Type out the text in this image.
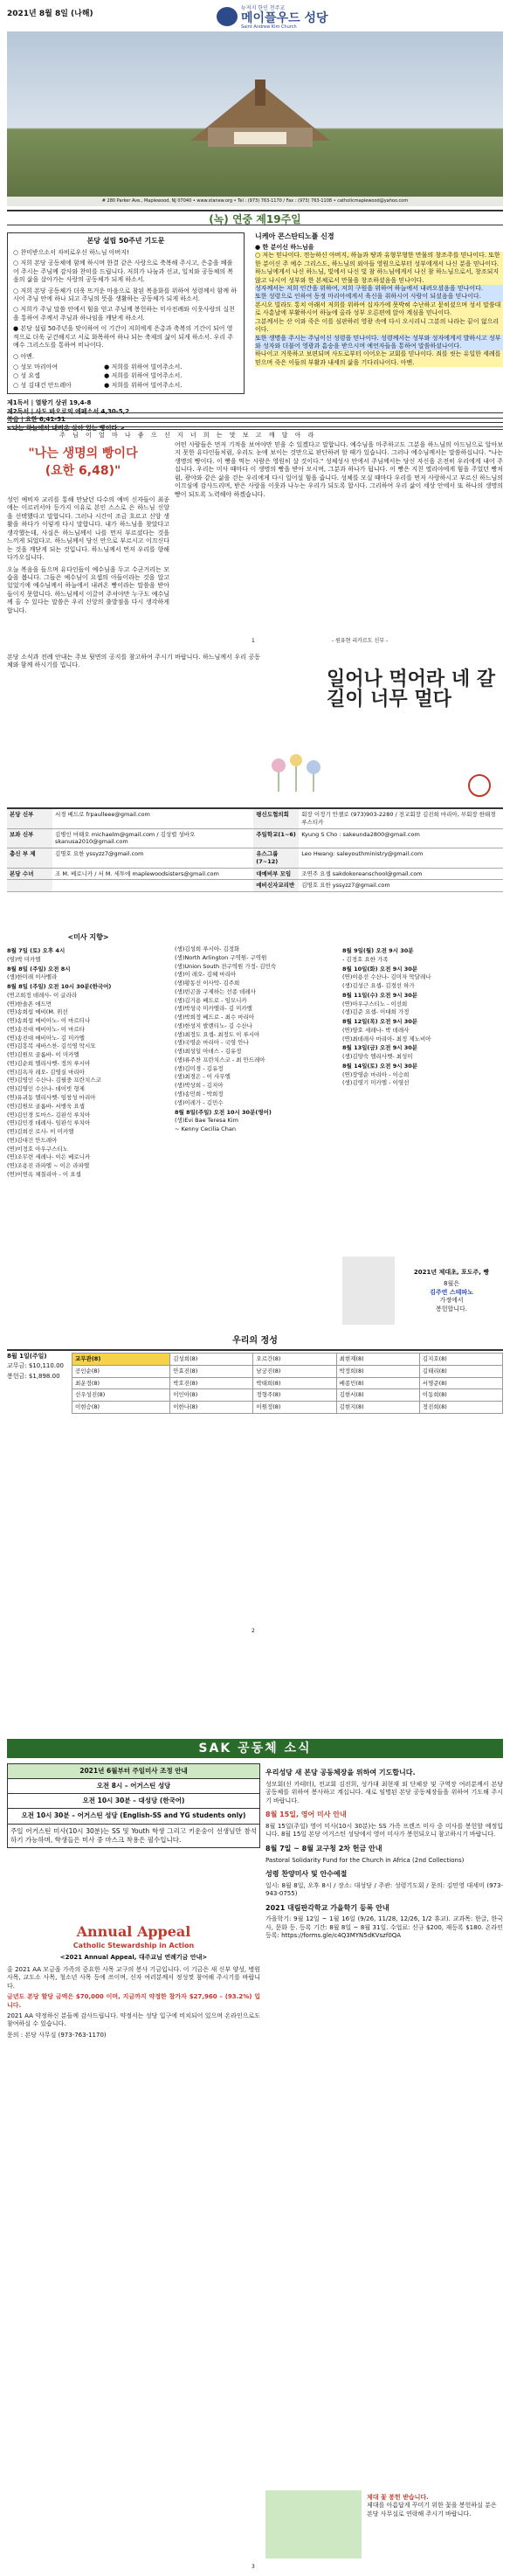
2021년 8월 8일 (나해)
뉴저지 한인 천주교
메이플우드 성당
Saint Andrew Kim Church
# 280 Parker Ave., Maplewood, NJ 07040 • www.stanew.org • Tel : (973) 763-1170 / Fax : (973) 763-1108 • catholicmaplewood@yahoo.com
(녹) 연중 제19주일
본당 설립 50주년 기도문

○ 찬미받으소서 자비로우신 하느님 아버지!

○ 저희 본당 공동체에 함께 하시며 한결 같은 사랑으로 축복해 주시고, 은총을 베풀어 주시는 주님께 감사와 찬미를 드립니다. 저희가 나눔과 선교, 일치와 공동체의 복음의 삶을 살아가는 사랑의 공동체가 되게 하소서.

○ 저희 본당 공동체가 더욱 뜨거운 마음으로 참된 복음화를 위하여 성령께서 함께 하시어 주님 안에 하나 되고 주님의 뜻을 생활하는 공동체가 되게 하소서.

○ 저희가 주님 말씀 안에서 힘을 얻고 주님께 봉헌하는 미사전례와 이웃사랑의 실천을 통하여 주께서 주님과 하나임을 깨닫게 하소서.

● 본당 설립 50주년을 맞이하여 이 기간이 저희에게 은총과 축복의 기간이 되어 영적으로 더욱 굳건해지고 서로 화목하여 하나 되는 축제의 삶이 되게 하소서. 우리 주 예수 그리스도를 통하여 비나이다.

○ 아멘.

○ 성모 마리아여	● 저희를 위하여 빌어주소서.
○ 성 요셉	● 저희를 위하여 빌어주소서.
○ 성 김대건 안드레아	● 저희를 위하여 빌어주소서.
제1독서 | 열왕기 상권 19,4-8
제2독서 | 사도 바오로의 에페소서 4,30-5,2
복음 | 요한 6,41-51
<나는 하늘에서 내려온 살아 있는 빵이다.>
니케아 콘스탄티노플 신경
● 한 분이신 하느님을
○ 저는 믿나이다. 전능하신 아버지, 하늘과 땅과 유형무형한 만물의 창조주를 믿나이다. 또한 한 분이신 주 예수 그리스도, 하느님의 외아들 영원으로부터 성부에게서 나신 분을 믿나이다.
하느님에게서 나신 하느님, 빛에서 나신 빛 참 하느님에게서 나신 참 하느님으로서, 창조되지 않고 나시어 성부와 한 본체로서 만물을 창조하셨음을 믿나이다.
성자께서는 저희 인간을 위하여, 저희 구원을 위하여 하늘에서 내려오셨음을 믿나이다.
또한 성령으로 인하여 동정 마리아에게서 육신을 취하시어 사람이 되셨음을 믿나이다.
본시오 빌라도 통치 아래서 저희를 위하여 십자가에 못박혀 수난하고 묻히셨으며 성서 말씀대로 사흗날에 부활하시어 하늘에 올라 성부 오른편에 앉아 계심을 믿나이다.
그분께서는 산 이와 죽은 이를 심판하러 영광 속에 다시 오시리니 그분의 나라는 끝이 없으리이다.
또한 생명을 주시는 주님이신 성령을 믿나이다. 성령께서는 성부와 성자에게서 발하시고 성부와 성자와 더불어 영광과 흠숭을 받으시며 예언자들을 통하여 말씀하셨나이다.
하나이고 거룩하고 보편되며 사도로부터 이어오는 교회를 믿나이다. 죄를 씻는 유일한 세례를 믿으며 죽은 이들의 부활과 내세의 삶을 기다리나이다. 아멘.
주 님 이 얼 마 나 좋 으 신 지 너 희 는 맛 보 고 깨 달 아 라
"나는 생명의 빵이다
(요한 6,48)"

성인 예비자 교리를 통해 만났던 다수의 예비 신자들이 최종에는 이르러서야 등가지 이유로 본인 스스로 은 하느님 신앙을 선택했다고 말합니다. 그러나 시간이 조금 흐르고 신앙 생활을 하다가 이렇게 다시 말합니다. 내가 하느님을 찾았다고 생각했는데, 사실은 하느님께서 나를 먼저 부르셨다는 것을 느끼게 되었다고. 하느님께서 당신 안으로 부르시고 이끄신다는 것을 깨닫게 되는 것입니다. 하느님께서 먼저 우리를 향해 다가오십니다.

오늘 복음을 들으며 유다인들이 예수님을 두고 수군거리는 모습을 봅니다. 그들은 예수님이 요셉의 아들이라는 것을 알고 있었기에 예수님께서 하늘에서 내려온 빵이라는 말씀을 받아들이지 못합니다. 하느님께서 이끌어 주셔야만 누구도 예수님께 올 수 있다는 말씀은 우리 신앙의 출발점을 다시 생각하게 합니다.

어떤 사람들은 먼저 기적을 보여야만 믿을 수 있겠다고 말합니다. 예수님을 마주하고도 그분을 하느님의 아드님으로 알아보지 못한 유다인들처럼, 우리도 눈에 보이는 것만으로 판단하려 할 때가 있습니다. 그러나 예수님께서는 말씀하십니다. "나는 생명의 빵이다. 이 빵을 먹는 사람은 영원히 살 것이다." 성체성사 안에서 주님께서는 당신 자신을 온전히 우리에게 내어 주십니다. 우리는 미사 때마다 이 생명의 빵을 받아 모시며, 그분과 하나가 됩니다. 이 빵은 지친 엘리야에게 힘을 주었던 빵처럼, 광야와 같은 삶을 걷는 우리에게 다시 일어설 힘을 줍니다. 성체를 모실 때마다 우리를 먼저 사랑하시고 부르신 하느님의 이끄심에 감사드리며, 받은 사랑을 이웃과 나누는 우리가 되도록 합시다. 그리하여 우리 삶이 세상 안에서 또 하나의 생명의 빵이 되도록 노력해야 하겠습니다.

- 원유현 리카르도 신부 -
1
본당 소식과 전례 안내는 주보 뒷면의 공지를 참고하여 주시기 바랍니다. 하느님께서 우리 공동체와 함께 하시기를 빕니다.
일어나 먹어라 네 갈 길이 너무 멀다
본당 신부	서경 베드로 frpaulleee@gmail.com	평신도협의회	회장 이정기 안젤로 (973)903-2280 / 전교회장 김진희 마리아, 부회장 한태경 루스티카
보좌 신부	김병인 마태오 michaelm@gmail.com / 김성렬 성바오 skanusa2010@gmail.com	주일학교(1~6)	Kyung S Cho : sakeunda2800@gmail.com
총신 부 제	김명호 요한 yssyzz7@gmail.com	유스그룹(7~12)	Leo Hwang: saleyouthministry@gmail.com
본당 수녀	조 M. 베로니카 / 서 M. 세투에 maplewoodsisters@gmail.com	대예비부 모임	조연주 요셉 sakdokoreanschool@gmail.com
		예비신자교리반	김명호 요한 yssyzz7@gmail.com
<미사 지향>
8월 7일 (토) 오후 4시
(영)박 미카엘
8월 8일 (주일) 오전 8시
(생)한미래 이사벨라
8월 8일 (주일) 오전 10시 30분(한국어)
(연고희정 데레사- 이 글라라
(연)한솔폰 에드먼
(연)송희섭 메비(M. 위선
(연)송희섭 메비아노- 이 마르티나
(연)송진대 메비아노- 이 마르타
(연)송진대 메비아노- 김 미카엘
(연)김흥복 세바스찬- 김석영 막시모
(연)김원모 골롬바- 이 미카엘
(연)김순희 엘리사벳- 정의 루시아
(연)김옥자 레오- 김영실 마리아
(연)김영인 수산나- 김필중 프란치스코
(연)김영인 수산나- 데이빗 형제
(연)유귀동 엘리사벳- 임창성 마리아
(연)김원모 골롬바- 서병욱 요셉
(연)김인경 토마스- 김판석 루치아
(연)김민경 데레사- 임판석 루치아
(연)김희선 로사- 이 미카엘
(연)김대건 안드레아
(연)이정호 아우구스티노
(연)조무련 세레나- 이은 베로니카
(연)조용진 라파엘 ~ 이은 라파엘
(연)이연옥 체칠리아 - 이 요셉
(생)김성희 루시아- 김정화
(생)North Arlington 구역원- 구역원
(생)Union South 전구역원 가정- 김민숙
(생)이 레오- 김혜 마리아
(생)황동선 이사악- 김주희
(생)빈곤을 구제하는 선종 데레사
(생)김기용 베드로 - 임모니카
(생)박성국 미카엘라- 김 미카엘
(생)박희정 베드로 - 최수 마리아
(생)한성지 발렌티노- 김 수산나
(생)최정도 요셉- 최정도 이 루시아
(생)국영순 마리아 - 국영 안나
(생)최성일 아녜스 - 김유정
(생)류주찬 프란치스코 - 최 안드레아
(생)김미경 - 김유정
(생)최경은 - 이 사무엘
(생)박상희 - 김지아
(생)송민희 - 박희정
(생)이레가 - 김민수
8월 8일(주일) 오전 10시 30분(영어)
(생)Evi Bae Teresa Kim
~ Kenny Cecilia Chan
8월 9일(월) 오전 9시 30분
- 김정호 요한 가족
8월 10일(화) 오전 9시 30분
(연)이용선 수산나- 김미자 막달레나
(생)김성근 요셉- 김경선 하가
8월 11일(수) 오전 9시 30분
(연)아우구스티노 - 이선희
(생)김준 요셉- 이대희 가정
8월 12일(목) 오전 9시 30분
(연)양호 세레나- 박 데레사
(연)최데레사 마리아- 최정 제노비아
8월 13일(금) 오전 9시 30분
(생)김양숙 엘리사벳- 최성미
8월 14일(토) 오전 9시 30분
(연)장영순 마리아 - 이승희
(생)김영기 미카엘 - 이영선
2021년 제대초, 포도주, 빵
8월은
김주연 스테파노
가정에서
봉헌합니다.
우리의 정성
8월 1일(주일)
교무금: $10,110.00
봉헌금: $1,898.00
교무관(8)	김성희(8)	오르간(8)	최현재(8)	김지호(8)
공인순(8)	안효진(8)	남궁진(8)	박정희(8)	김태리(8)
최운정(8)	박호진(8)	박태희(8)	배종민(8)	서명준(8)
선우성진(8)	이인아(8)	정형주(8)	김현서(8)	이동희(8)
이현승(8)	이한나(8)	이원정(8)	김현지(8)	정진희(8)
2
SAK 공동체 소식
2021년 6월부터 주일미사 조정 안내
오전 8시 – 어거스틴 성당
오전 10시 30분 – 대성당 (한국어)
오전 10시 30분 – 어거스틴 성당 (English-SS and YG students only)
주일 어거스틴 미사(10시 30분)는 SS 및 Youth 학생 그리고 키운숭이 선생님만 참석하기 가능하며, 학생들은 미사 중 마스크 착용은 필수입니다.
Annual Appeal
Catholic Stewardship in Action
<2021 Annual Appeal, 대주교님 연례기금 안내>

올 2021 AA 모금을 가족의 중요한 사목 교구의 봉사 기금입니다. 이 기금은 새 신부 양성, 병원 사목, 교도소 사목, 청소년 사목 등에 쓰이며, 신자 여러분께서 정성껏 참여해 주시기를 바랍니다.

금년도 본당 할당 금액은 $70,000 이며, 지금까지 약정한 참가자 $27,960 – (93.2%) 입니다.

2021 AA 약정하신 분들께 감사드립니다. 약정서는 성당 입구에 비치되어 있으며 온라인으로도 참여하실 수 있습니다.

문의 : 본당 사무실 (973-763-1170)

우리성당 새 본당 공동체장을 위하여 기도합니다.

성모회(신 카테터), 전교회 김진희, 성가대 최현재 외 단체장 및 구역장 여러분께서 본당 공동체를 위하여 봉사하고 계십니다. 새로 임명된 본당 공동체장들을 위하여 기도해 주시기 바랍니다.

8월 15일, 영어 미사 안내

8월 15일(주일) 영어 미사(10시 30분)는 SS 가족 프렌즈 미사 중 미사를 봉헌할 예정입니다. 8월 15일 본당 어거스틴 성당에서 영어 미사가 봉헌되오니 참고하시기 바랍니다.

8월 7일 ~ 8월 교구청 2차 헌금 안내

Pastoral Solidarity Fund for the Church in Africa (2nd Collections)

성령 찬양미사 및 안수예절

일시: 8월 8일, 오후 8시 / 장소: 대성당 / 주관: 성령기도회 / 문의: 김민영 대세미 (973-943-0755)

2021 대림판각학교 가을학기 등록 안내

가을학기: 9월 12일 ~ 1월 16일 (9/26, 11/28, 12/26, 1/2 휴교). 교과목: 한글, 한국사, 문화 등. 등록 기간: 8월 8일 ~ 8월 31일. 수업료: 신규 $200, 재등록 $180. 온라인 등록: https://forms.gle/c4Q3MYN5dKVszf0QA

제대 꽃 봉헌 받습니다.
제대를 아름답게 꾸미기 위한 꽃을 봉헌하실 분은 본당 사무실로 연락해 주시기 바랍니다.
3
